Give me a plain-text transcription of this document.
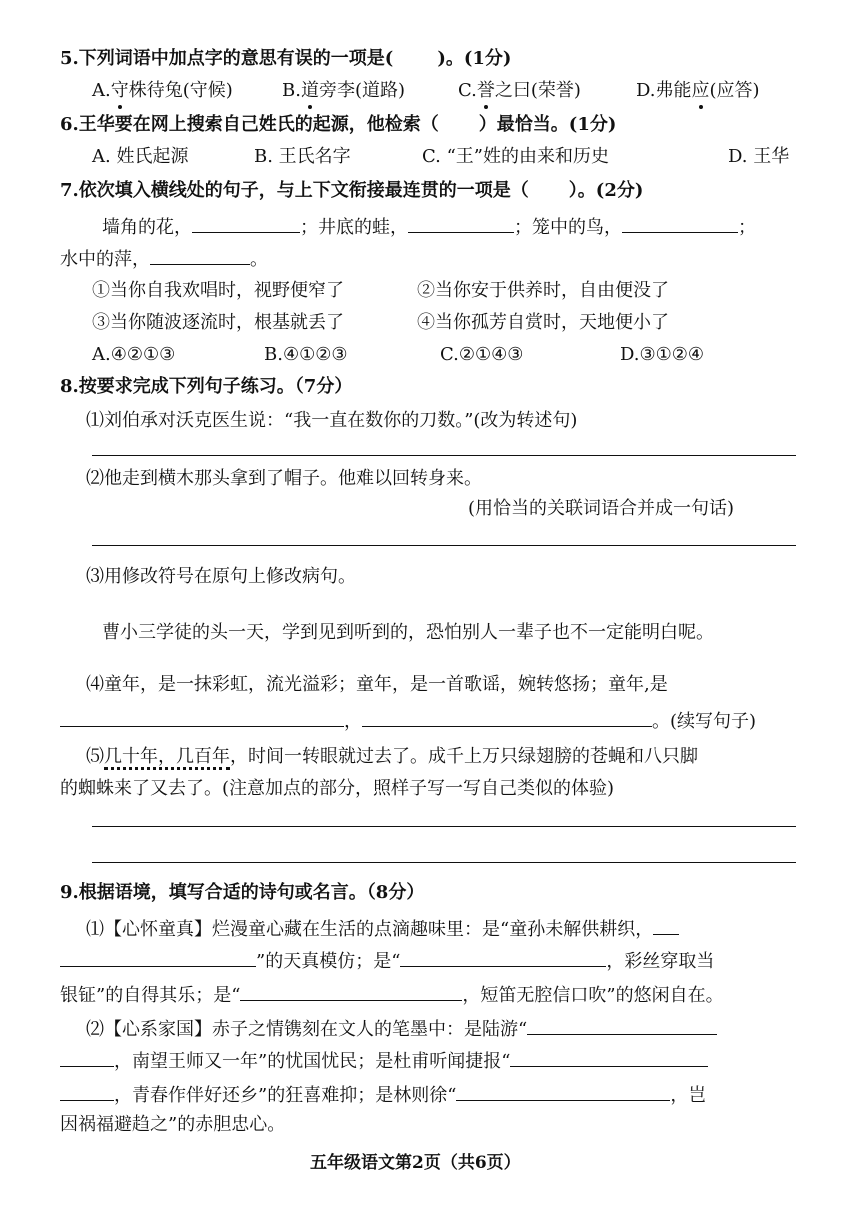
5.下列词语中加点字的意思有误的一项是( )。(1分)
A.守株待兔(守候)	B.道旁李(道路)	C.誉之曰(荣誉)	D.弗能应(应答)
6.王华要在网上搜索自己姓氏的起源，他检索（ ）最恰当。(1分)
A. 姓氏起源	B. 王氏名字	C. “王”姓的由来和历史	D. 王华
7.依次填入横线处的句子，与上下文衔接最连贯的一项是（ ）。(2分)
墙角的花，	；井底的蛙，	；笼中的鸟，	；
水中的萍，	。
①当你自我欢唱时，视野便窄了	②当你安于供养时，自由便没了
③当你随波逐流时，根基就丢了	④当你孤芳自赏时，天地便小了
A.④②①③	B.④①②③	C.②①④③	D.③①②④
8.按要求完成下列句子练习。（7分）
⑴刘伯承对沃克医生说：“我一直在数你的刀数。”(改为转述句)
⑵他走到横木那头拿到了帽子。他难以回转身来。
(用恰当的关联词语合并成一句话)
⑶用修改符号在原句上修改病句。
曹小三学徒的头一天，学到见到听到的，恐怕别人一辈子也不一定能明白呢。
⑷童年，是一抹彩虹，流光溢彩；童年，是一首歌谣，婉转悠扬；童年,是
，	。(续写句子)
⑸几十年，几百年，时间一转眼就过去了。成千上万只绿翅膀的苍蝇和八只脚
的蜘蛛来了又去了。(注意加点的部分，照样子写一写自己类似的体验)
9.根据语境，填写合适的诗句或名言。（8分）
⑴【心怀童真】烂漫童心藏在生活的点滴趣味里：是“童孙未解供耕织，
”的天真模仿；是“	，彩丝穿取当
银钲”的自得其乐；是“	，短笛无腔信口吹”的悠闲自在。
⑵【心系家国】赤子之情镌刻在文人的笔墨中：是陆游“
，南望王师又一年”的忧国忧民；是杜甫听闻捷报“
，青春作伴好还乡”的狂喜难抑；是林则徐“	，岂
因祸福避趋之”的赤胆忠心。
五年级语文第2页（共6页）
